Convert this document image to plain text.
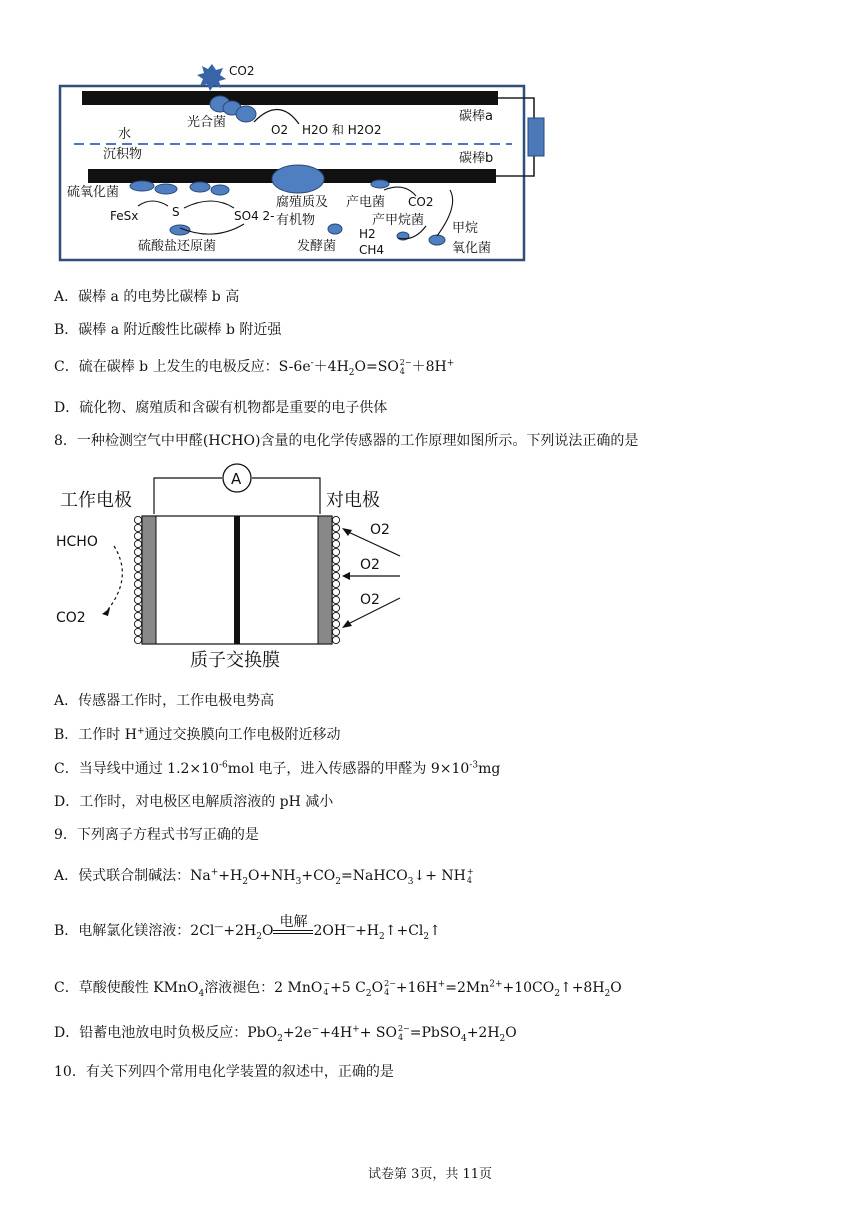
CO2
光合菌	O2 H2O 和 H2O2
碳棒a
水
沉积物	碳棒b
硫氧化菌
FeSx	S	SO4 2-
硫酸盐还原菌
腐殖质及
有机物
产电菌 CO2
产甲烷菌
H2
CH4
发酵菌
甲烷
氧化菌
A．碳棒 a 的电势比碳棒 b 高
B．碳棒 a 附近酸性比碳棒 b 附近强
C．硫在碳棒 b 上发生的电极反应：$S-6e^-+4H_2O=SO$ 2−
4 ＋8H+
D．硫化物、腐殖质和含碳有机物都是重要的电子供体
8．一种检测空气中甲醛(HCHO)含量的电化学传感器的工作原理如图所示。下列说法正确的是
A
工作电极	对电极
HCHO
CO2
O2
O2
O2
质子交换膜
A．传感器工作时，工作电极电势高
B．工作时 H+通过交换膜向工作电极附近移动
C．当导线中通过 $1.2\times 10^{-6}mol$ 电子，进入传感器的甲醛为 $9\times 10^{-3}mg$
D．工作时，对电极区电解质溶液的 pH 减小
9．下列离子方程式书写正确的是
A．侯式联合制碱法：$Na^++H_2O+NH_3+CO_2=NaHCO_3↓+$ NH +
4
B．电解氯化镁溶液：$2Cl^—+2H_2O$
电解
$2OH^—+H_2↑+Cl_2↑$
C．草酸使酸性 KMnO$_4$溶液褪色：2 MnO −
4 +5 $C_2O$ 2−
$4 +16H^+=2Mn^{2+}+10CO_2↑+8H_2O$
D．铅蓄电池放电时负极反应：PbO$_2$+2e−+4H++ SO 2−
$4 =PbSO_4+2H_2O$
10．有关下列四个常用电化学装置的叙述中，正确的是
试卷第 3页，共 11页
